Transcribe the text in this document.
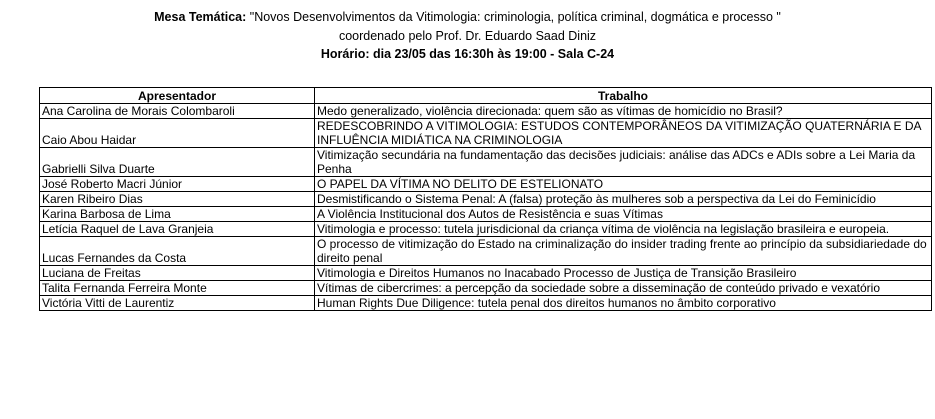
Mesa Temática: "Novos Desenvolvimentos da Vitimologia: criminologia, política criminal, dogmática e processo "
coordenado pelo Prof. Dr. Eduardo Saad Diniz
Horário: dia 23/05 das 16:30h às 19:00 - Sala C-24
Apresentador	Trabalho
Ana Carolina de Morais Colombaroli	Medo generalizado, violência direcionada: quem são as vítimas de homicídio no Brasil?
Caio Abou Haidar	REDESCOBRINDO A VITIMOLOGIA: ESTUDOS CONTEMPORÂNEOS DA VITIMIZAÇÃO QUATERNÁRIA E DA INFLUÊNCIA MIDIÁTICA NA CRIMINOLOGIA
Gabrielli Silva Duarte	Vitimização secundária na fundamentação das decisões judiciais: análise das ADCs e ADIs sobre a Lei Maria da Penha
José Roberto Macri Júnior	O PAPEL DA VÍTIMA NO DELITO DE ESTELIONATO
Karen Ribeiro Dias	Desmistificando o Sistema Penal: A (falsa) proteção às mulheres sob a perspectiva da Lei do Feminicídio
Karina Barbosa de Lima	A Violência Institucional dos Autos de Resistência e suas Vítimas
Letícia Raquel de Lava Granjeia	Vitimologia e processo: tutela jurisdicional da criança vítima de violência na legislação brasileira e europeia.
Lucas Fernandes da Costa	O processo de vitimização do Estado na criminalização do insider trading frente ao princípio da subsidiariedade do direito penal
Luciana de Freitas	Vitimologia e Direitos Humanos no Inacabado Processo de Justiça de Transição Brasileiro
Talita Fernanda Ferreira Monte	Vítimas de cibercrimes: a percepção da sociedade sobre a disseminação de conteúdo privado e vexatório
Victória Vitti de Laurentiz	Human Rights Due Diligence: tutela penal dos direitos humanos no âmbito corporativo
